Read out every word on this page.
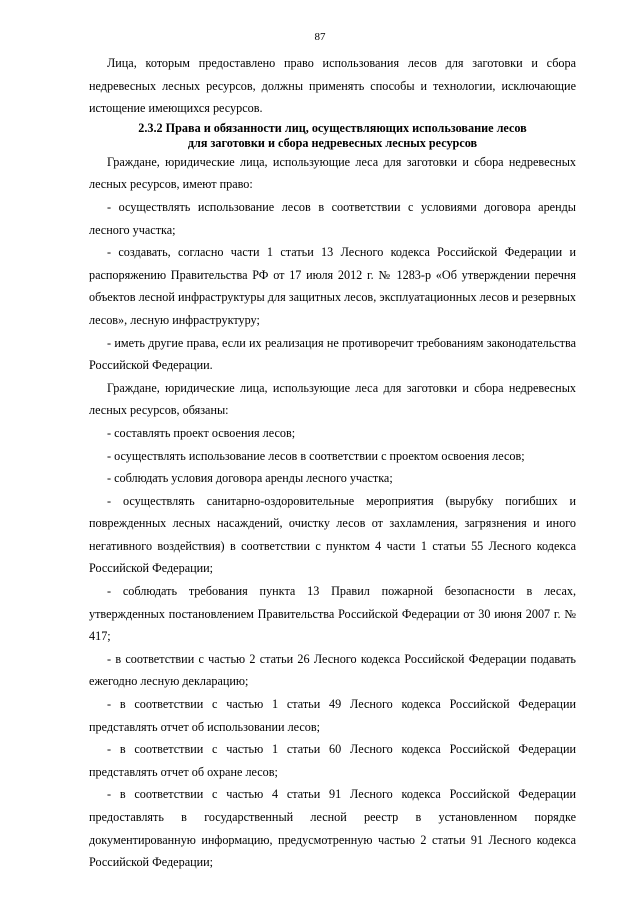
87

Лица, которым предоставлено право использования лесов для заготовки и сбора недревесных лесных ресурсов, должны применять способы и технологии, исключающие истощение имеющихся ресурсов.

2.3.2 Права и обязанности лиц, осуществляющих использование лесов
для заготовки и сбора недревесных лесных ресурсов

Граждане, юридические лица, использующие леса для заготовки и сбора недревесных лесных ресурсов, имеют право:

- осуществлять использование лесов в соответствии с условиями договора аренды лесного участка;

- создавать, согласно части 1 статьи 13 Лесного кодекса Российской Федерации и распоряжению Правительства РФ от 17 июля 2012 г. № 1283-р «Об утверждении перечня объектов лесной инфраструктуры для защитных лесов, эксплуатационных лесов и резервных лесов», лесную инфраструктуру;

- иметь другие права, если их реализация не противоречит требованиям законодательства Российской Федерации.

Граждане, юридические лица, использующие леса для заготовки и сбора недревесных лесных ресурсов, обязаны:

- составлять проект освоения лесов;

- осуществлять использование лесов в соответствии с проектом освоения лесов;

- соблюдать условия договора аренды лесного участка;

- осуществлять санитарно-оздоровительные мероприятия (вырубку погибших и поврежденных лесных насаждений, очистку лесов от захламления, загрязнения и иного негативного воздействия) в соответствии с пунктом 4 части 1 статьи 55 Лесного кодекса Российской Федерации;

- соблюдать требования пункта 13 Правил пожарной безопасности в лесах, утвержденных постановлением Правительства Российской Федерации от 30 июня 2007 г. № 417;

- в соответствии с частью 2 статьи 26 Лесного кодекса Российской Федерации подавать ежегодно лесную декларацию;

- в соответствии с частью 1 статьи 49 Лесного кодекса Российской Федерации представлять отчет об использовании лесов;

- в соответствии с частью 1 статьи 60 Лесного кодекса Российской Федерации представлять отчет об охране лесов;

- в соответствии с частью 4 статьи 91 Лесного кодекса Российской Федерации предоставлять в государственный лесной реестр в установленном порядке документированную информацию, предусмотренную частью 2 статьи 91 Лесного кодекса Российской Федерации;
